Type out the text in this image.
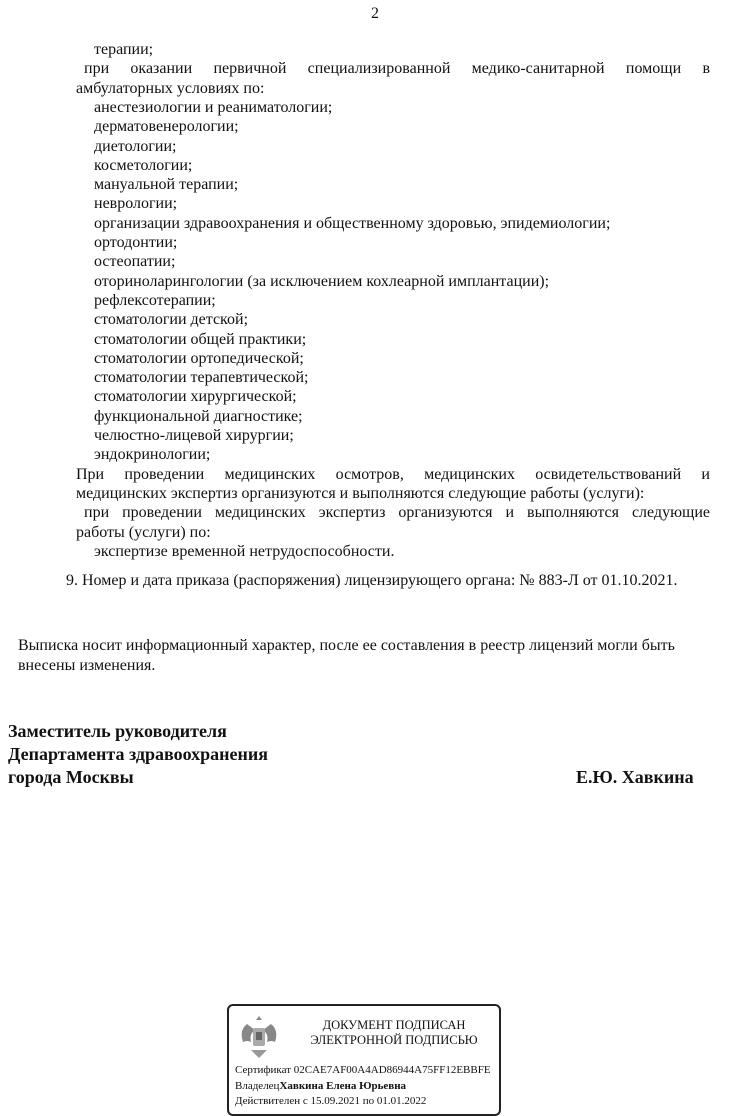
2
терапии;
при оказании первичной специализированной медико-санитарной помощи в
амбулаторных условиях по:
анестезиологии и реаниматологии;
дерматовенерологии;
диетологии;
косметологии;
мануальной терапии;
неврологии;
организации здравоохранения и общественному здоровью, эпидемиологии;
ортодонтии;
остеопатии;
оториноларингологии (за исключением кохлеарной имплантации);
рефлексотерапии;
стоматологии детской;
стоматологии общей практики;
стоматологии ортопедической;
стоматологии терапевтической;
стоматологии хирургической;
функциональной диагностике;
челюстно-лицевой хирургии;
эндокринологии;
При проведении медицинских осмотров, медицинских освидетельствований и
медицинских экспертиз организуются и выполняются следующие работы (услуги):
при проведении медицинских экспертиз организуются и выполняются следующие
работы (услуги) по:
экспертизе временной нетрудоспособности.
9. Номер и дата приказа (распоряжения) лицензирующего органа: № 883-Л от 01.10.2021.
Выписка носит информационный характер, после ее составления в реестр лицензий могли быть
внесены изменения.
Заместитель руководителя
Департамента здравоохранения
города Москвы	Е.Ю. Хавкина
ДОКУМЕНТ ПОДПИСАН
ЭЛЕКТРОННОЙ ПОДПИСЬЮ
Сертификат 02CAE7AF00A4AD86944A75FF12EBBFE
ВладелецХавкина Елена Юрьевна
Действителен с 15.09.2021 по 01.01.2022
